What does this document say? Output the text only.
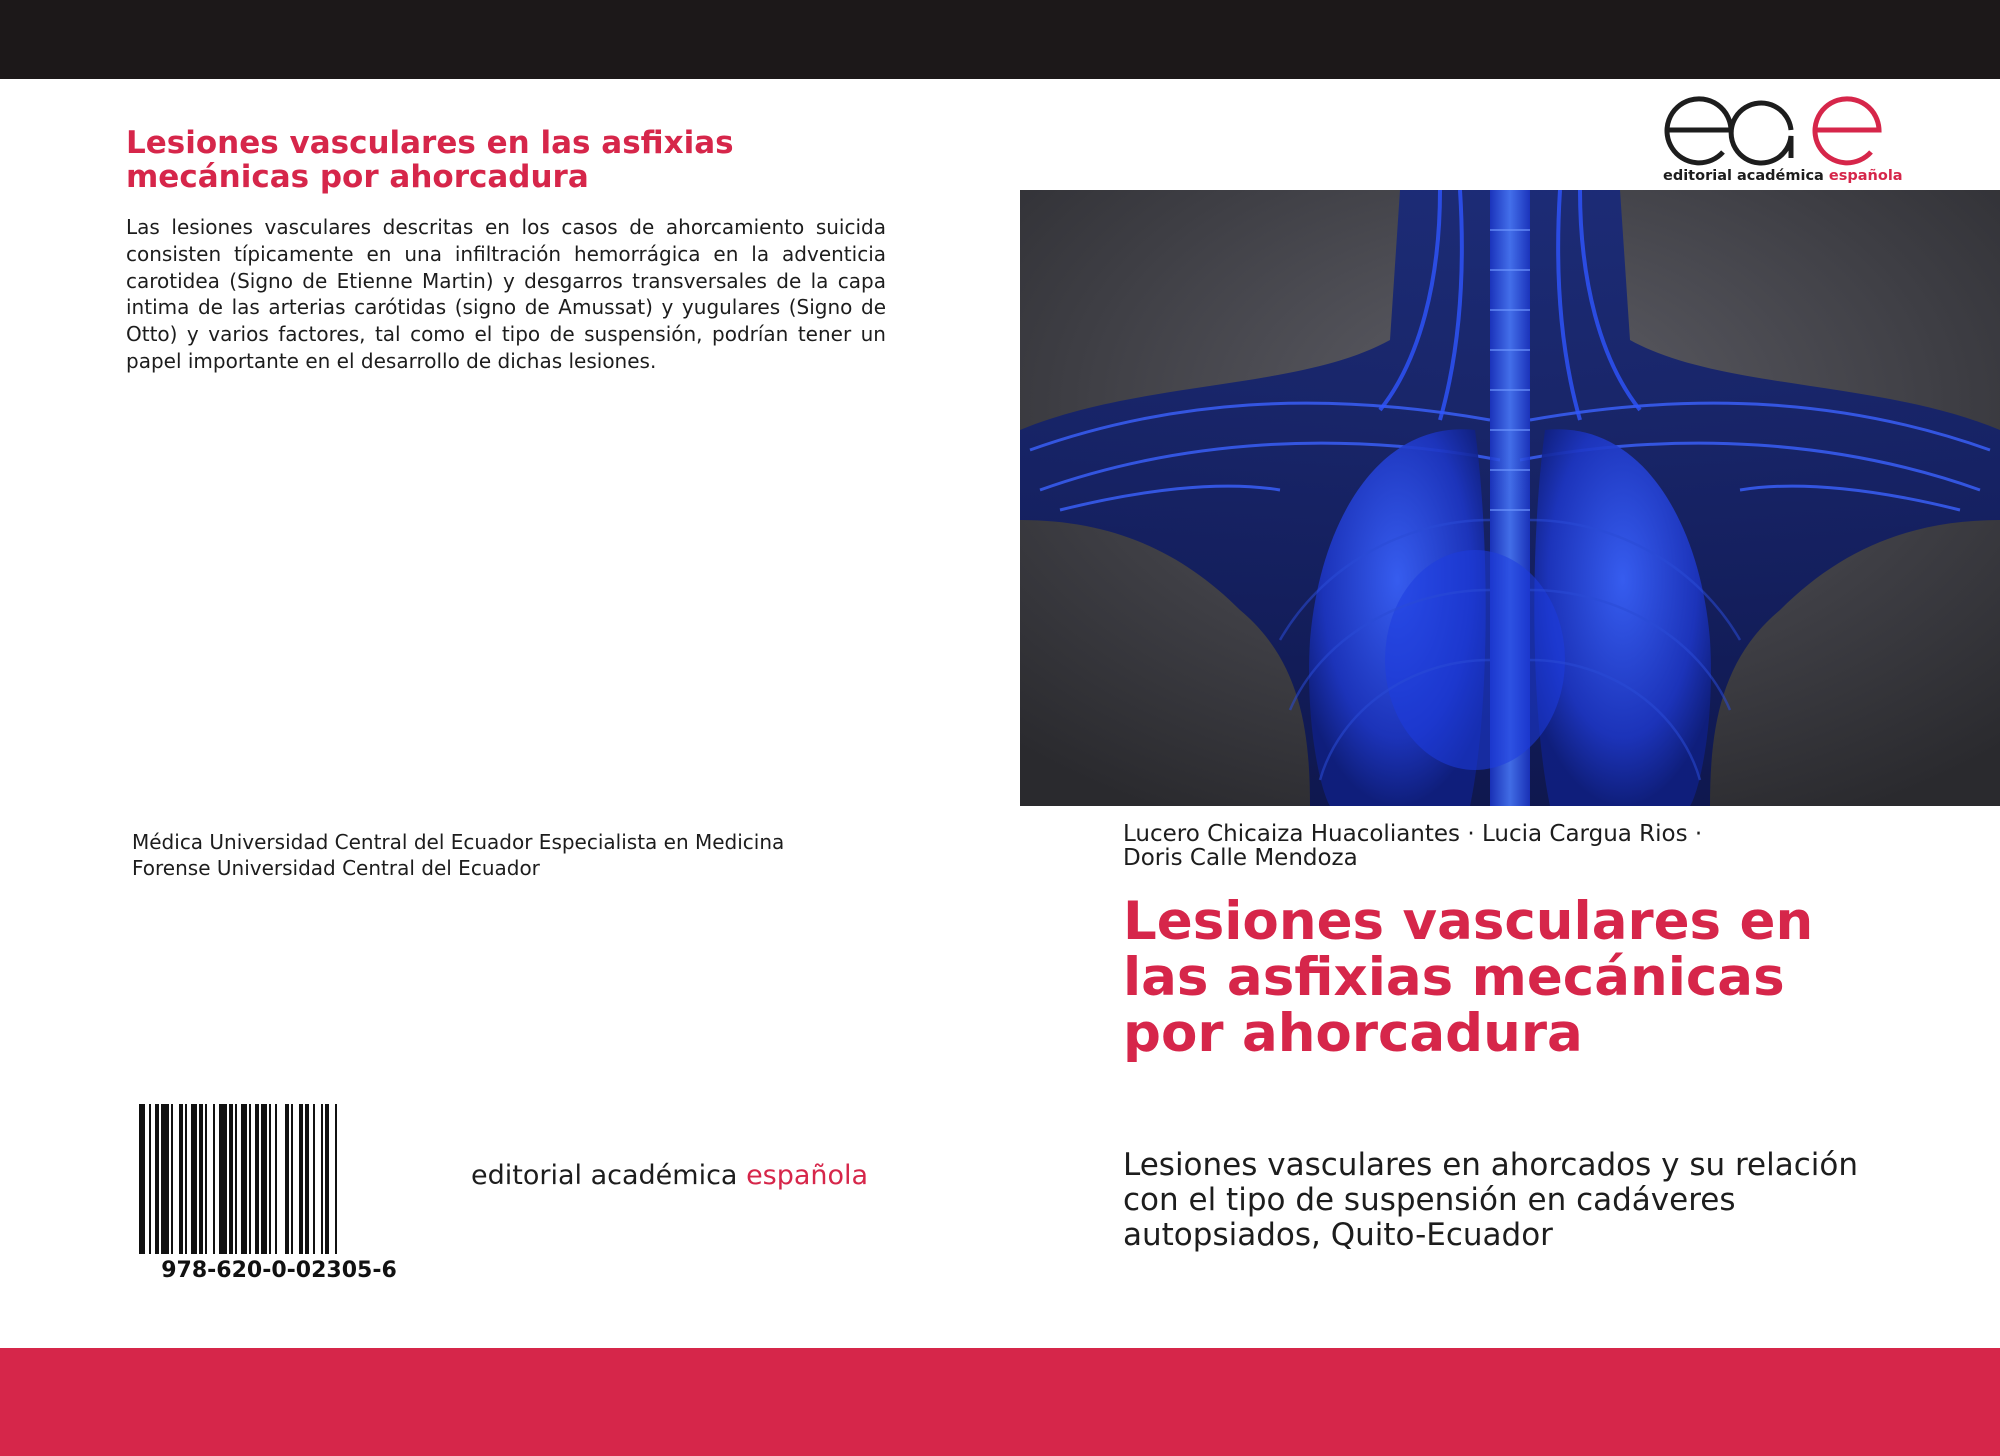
Lesiones vasculares en las asfixias mecánicas por ahorcadura

Las lesiones vasculares descritas en los casos de ahorcamiento suicida consisten típicamente en una infiltración hemorrágica en la adventicia carotidea (Signo de Etienne Martin) y desgarros transversales de la capa intima de las arterias carótidas (signo de Amussat) y yugulares (Signo de Otto) y varios factores, tal como el tipo de suspensión, podrían tener un papel importante en el desarrollo de dichas lesiones.

Médica Universidad Central del Ecuador Especialista en Medicina Forense Universidad Central del Ecuador

978-620-0-02305-6
editorial académica española
editorial académica española
Lucero Chicaiza Huacoliantes · Lucia Cargua Rios ·
Doris Calle Mendoza
Lesiones vasculares en las asfixias mecánicas por ahorcadura

Lesiones vasculares en ahorcados y su relación con el tipo de suspensión en cadáveres autopsiados, Quito-Ecuador
